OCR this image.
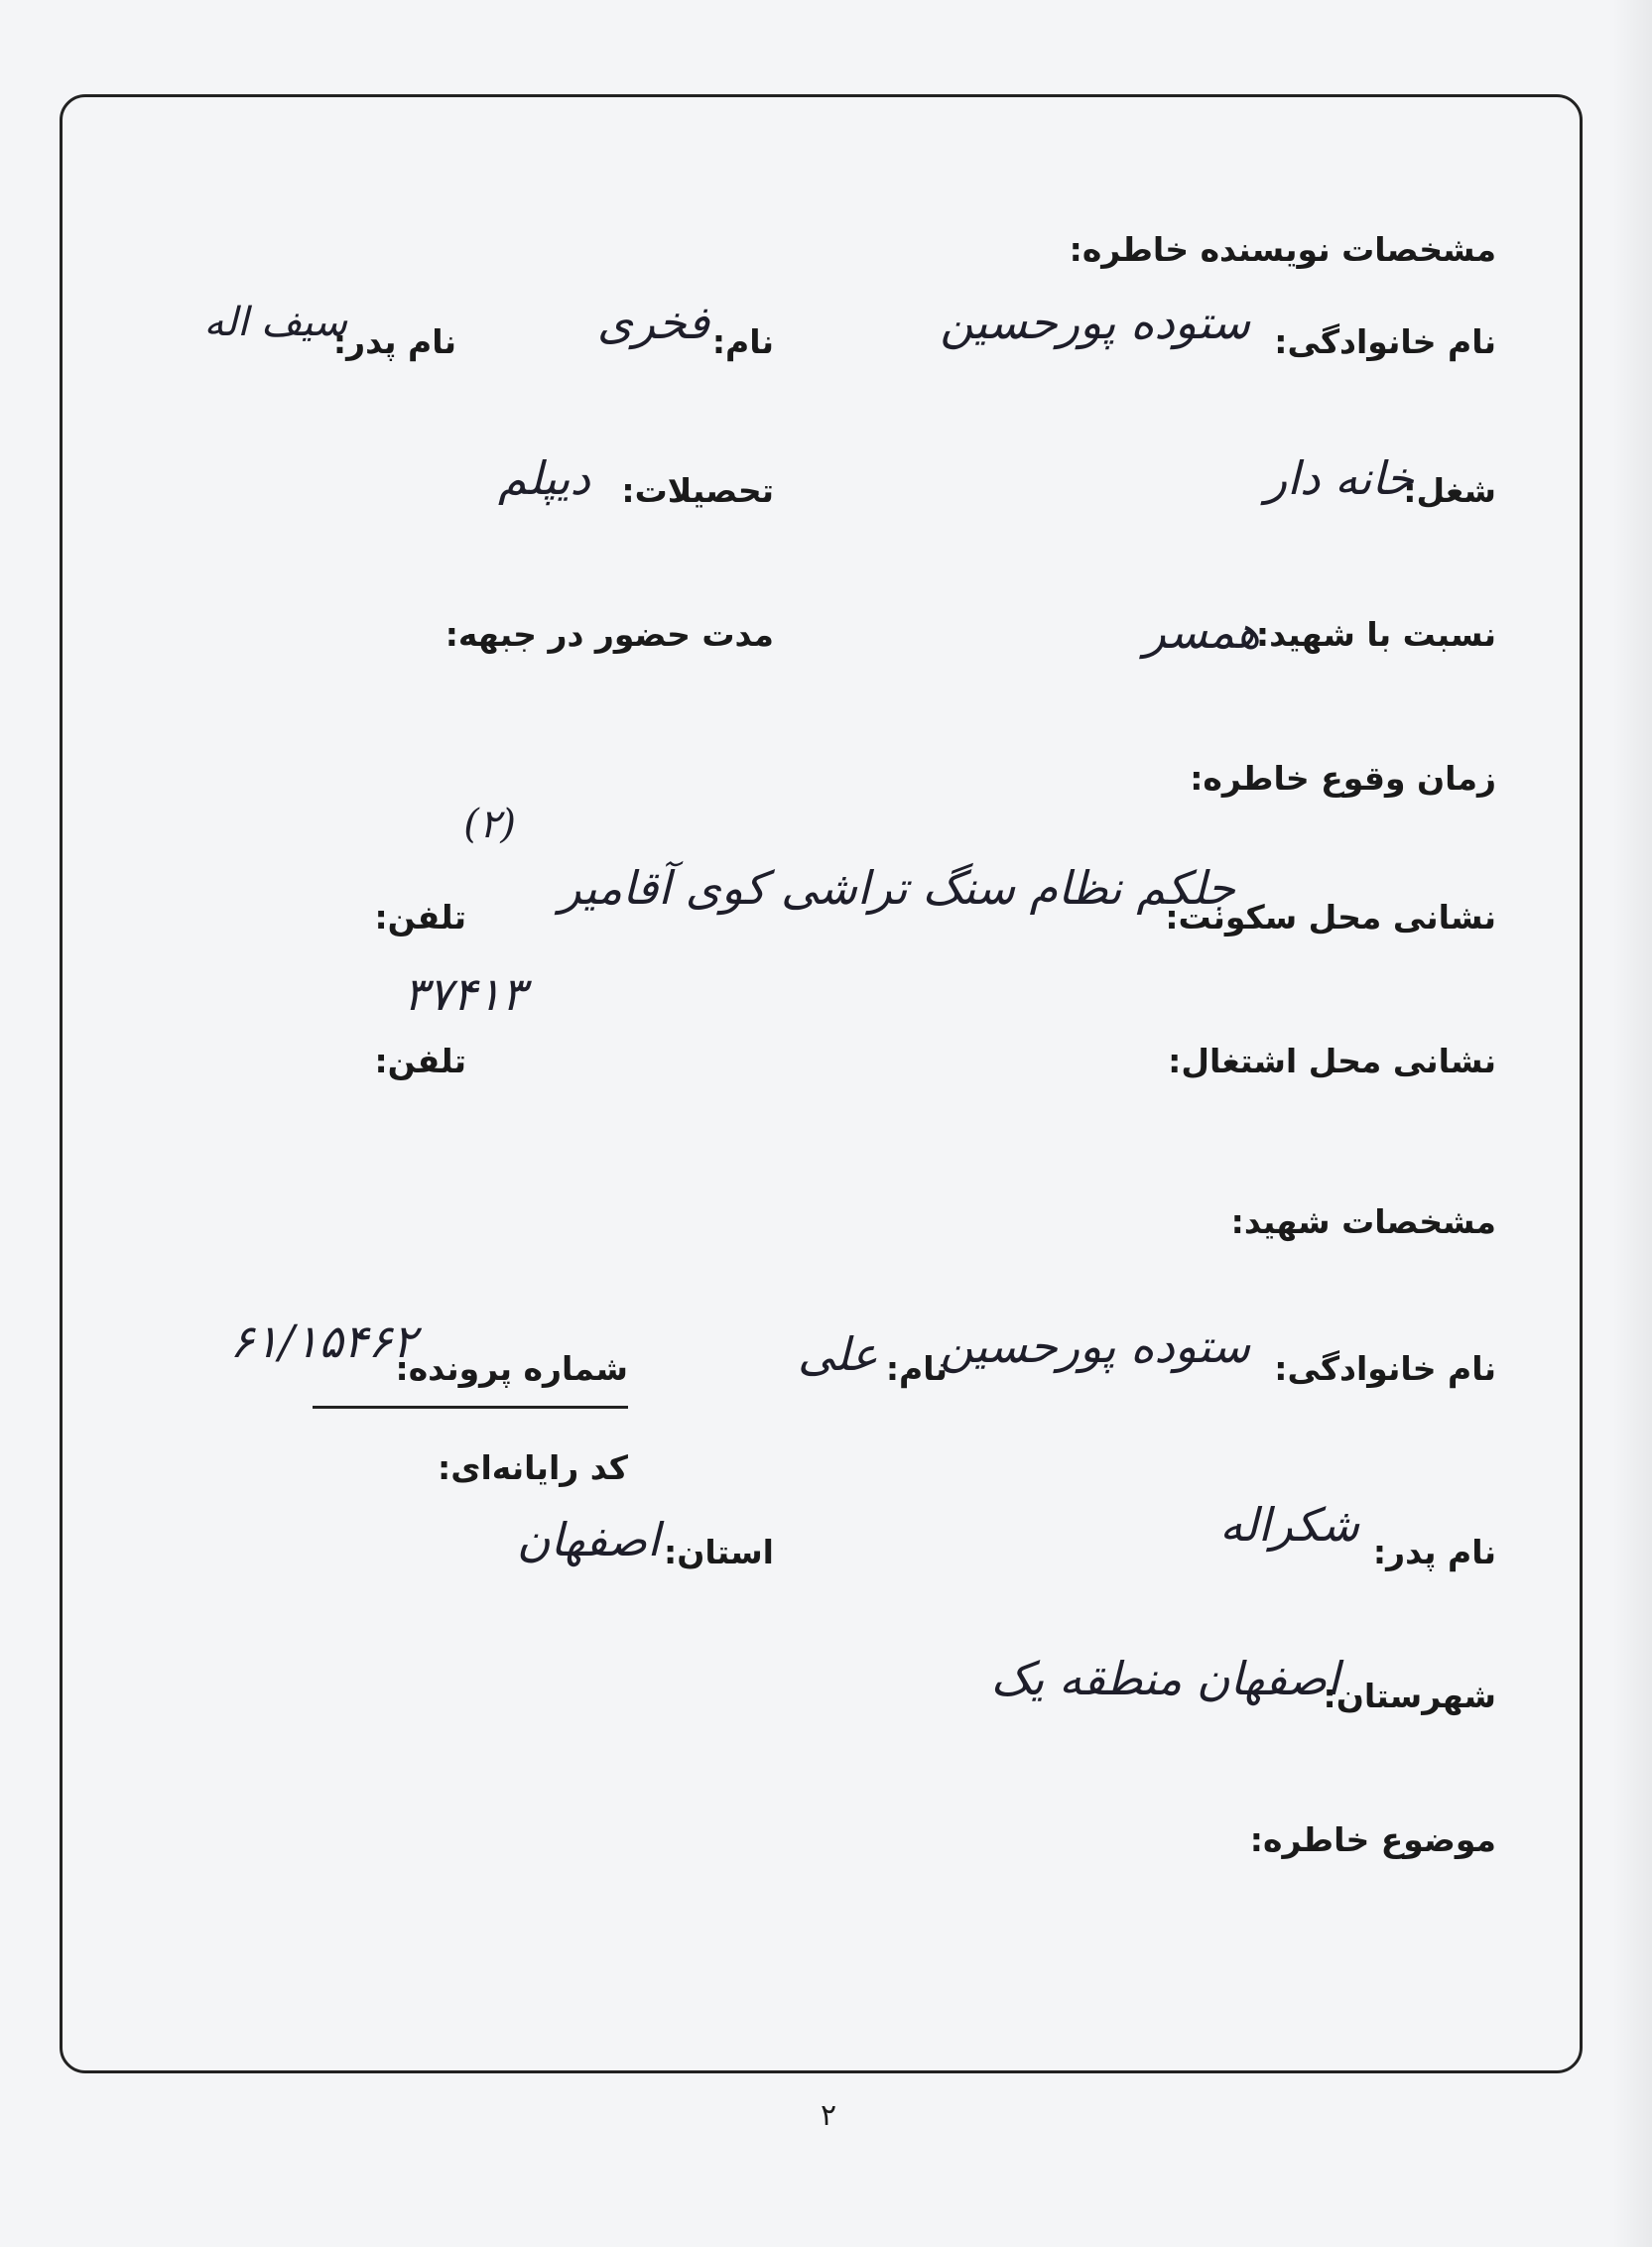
مشخصات نویسنده خاطره:
نام خانوادگی:
ستوده پورحسین
نام:
فخری
نام پدر:
سیف اله
شغل:
خانه دار
تحصیلات:
دیپلم
نسبت با شهید:
همسر
مدت حضور در جبهه:
زمان وقوع خاطره:
نشانی محل سکونت:
جلکم نظام سنگ تراشی کوی آقامیر
(۲)
تلفن:
۳۷۴۱۳
نشانی محل اشتغال:
تلفن:
مشخصات شهید:
نام خانوادگی:
ستوده پورحسین
نام:
علی
شماره پرونده:
۶۱/۱۵۴۶۲
کد رایانه‌ای:
نام پدر:
شکراله
استان:
اصفهان
شهرستان:
اصفهان منطقه یک
موضوع خاطره:
۲
